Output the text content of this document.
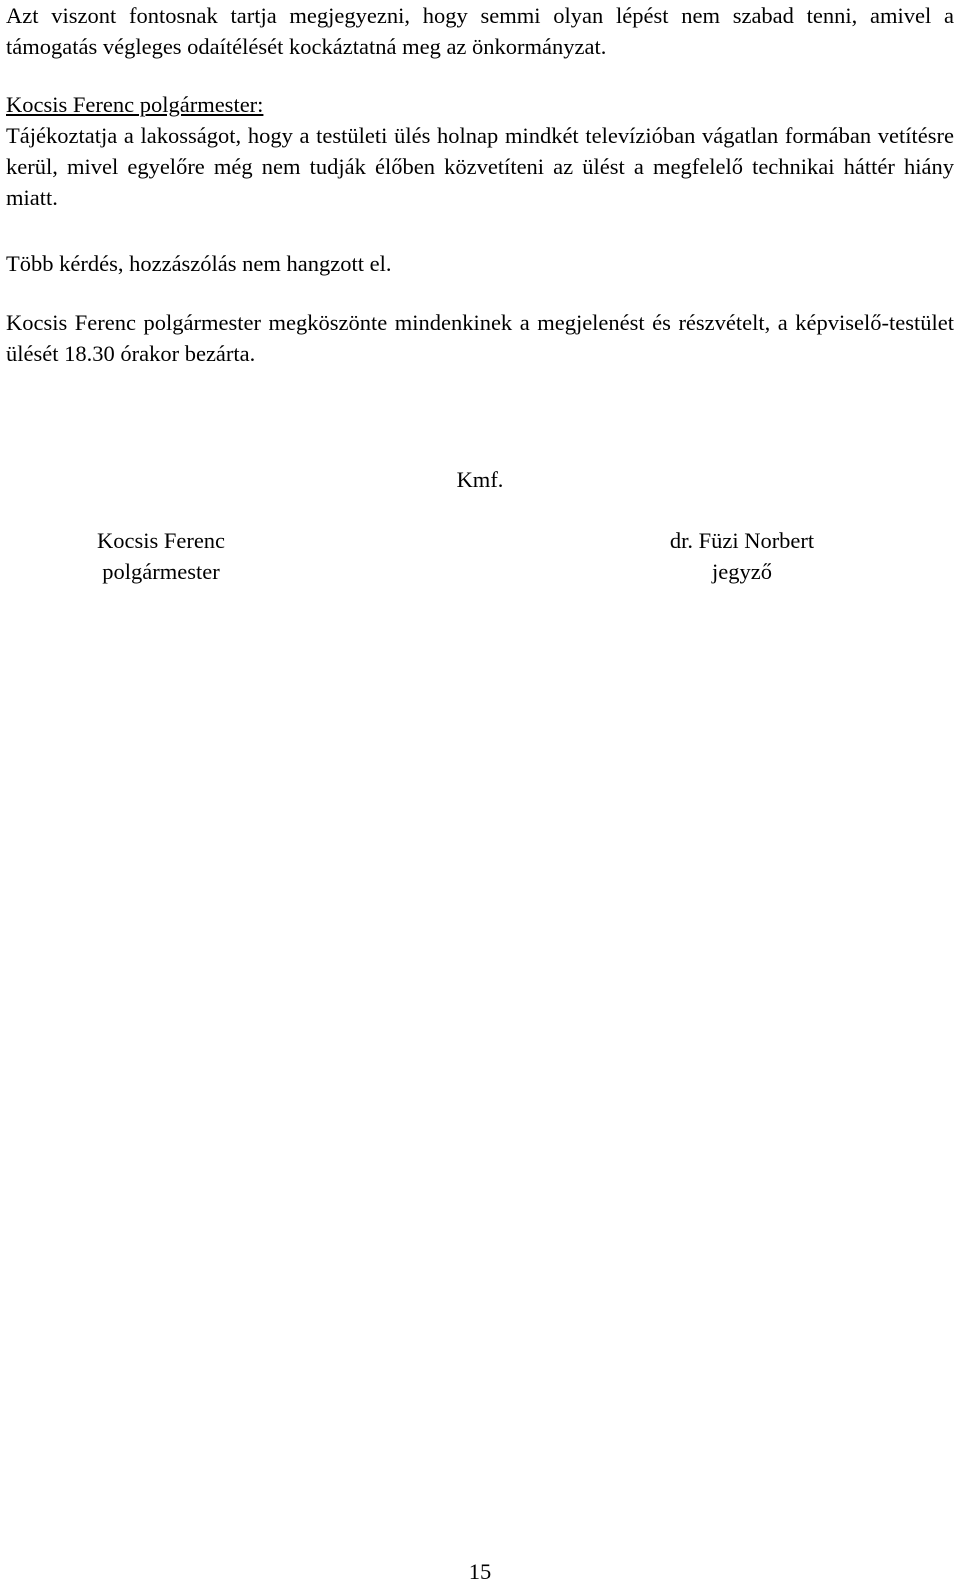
Azt viszont fontosnak tartja megjegyezni, hogy semmi olyan lépést nem szabad tenni, amivel a támogatás végleges odaítélését kockáztatná meg az önkormányzat.

Kocsis Ferenc polgármester:

Tájékoztatja a lakosságot, hogy a testületi ülés holnap mindkét televízióban vágatlan formában vetítésre kerül, mivel egyelőre még nem tudják élőben közvetíteni az ülést a megfelelő technikai háttér hiány miatt.

Több kérdés, hozzászólás nem hangzott el.

Kocsis Ferenc polgármester megköszönte mindenkinek a megjelenést és részvételt, a képviselő-testület ülését 18.30 órakor bezárta.

Kmf.
Kocsis Ferenc
polgármester
dr. Füzi Norbert
jegyző
15
